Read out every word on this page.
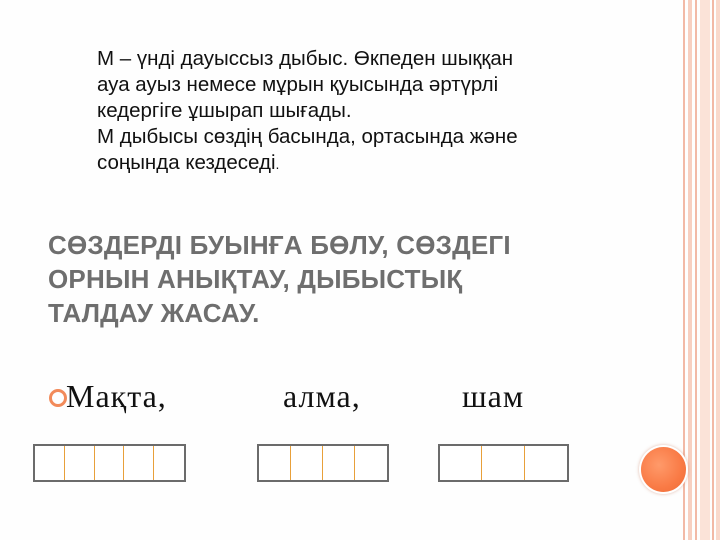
М – үнді дауыссыз дыбыс. Өкпеден шыққан

ауа ауыз немесе мұрын қуысында әртүрлі

кедергіге ұшырап шығады.

М дыбысы сөздің басында, ортасында және

соңында кездеседі.

СӨЗДЕРДІ БУЫНҒА БӨЛУ, СӨЗДЕГІ
ОРНЫН АНЫҚТАУ, ДЫБЫСТЫҚ
ТАЛДАУ ЖАСАУ.
Мақта,	алма,	шам
